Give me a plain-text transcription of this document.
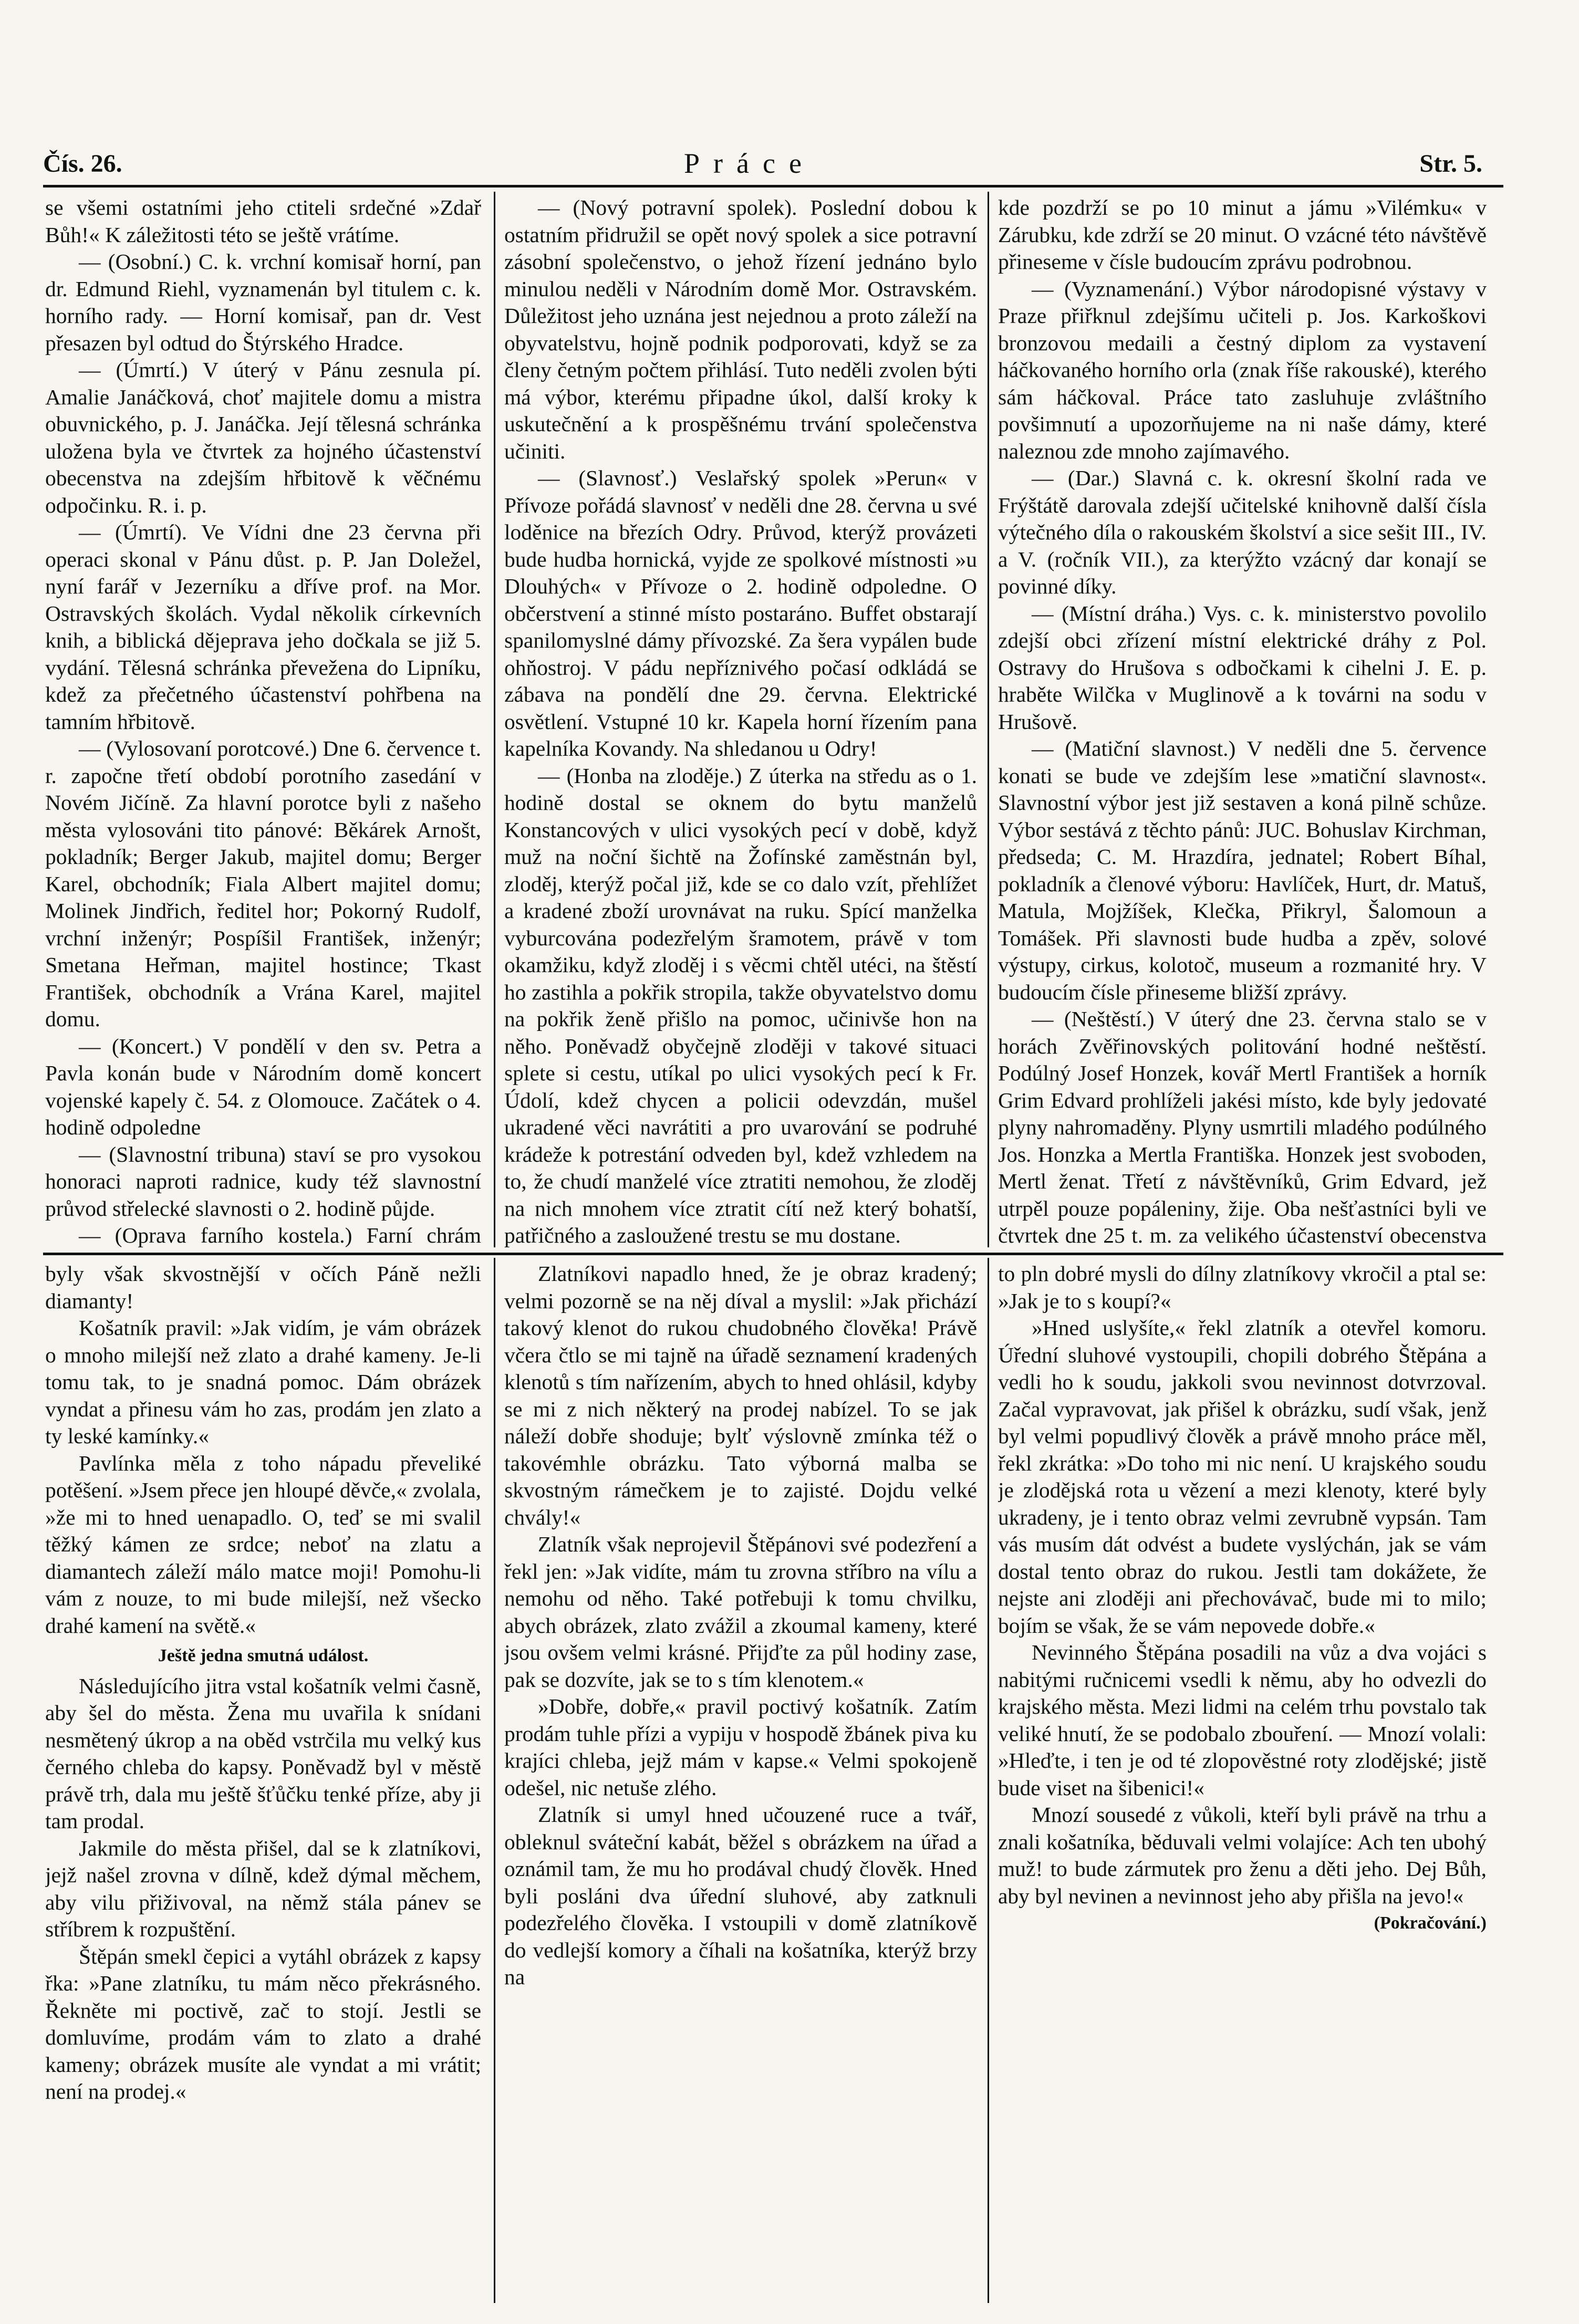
Čís. 26.	Práce	Str. 5.

se všemi ostatními jeho ctiteli srdečné »Zdař Bůh!« K záležitosti této se ještě vrátíme.

— (Osobní.) C. k. vrchní komisař horní, pan dr. Edmund Riehl, vyznamenán byl titulem c. k. horního rady. — Horní komisař, pan dr. Vest přesazen byl odtud do Štýrského Hradce.

— (Úmrtí.) V úterý v Pánu zesnula pí. Amalie Janáčková, choť majitele domu a mistra obuvnického, p. J. Janáčka. Její tělesná schránka uložena byla ve čtvrtek za hojného účastenství obecenstva na zdejším hřbitově k věčnému odpočinku. R. i. p.

— (Úmrtí). Ve Vídni dne 23 června při operaci skonal v Pánu důst. p. P. Jan Doležel, nyní farář v Jezerníku a dříve prof. na Mor. Ostravských školách. Vydal několik církevních knih, a biblická dějeprava jeho dočkala se již 5. vydání. Tělesná schránka převežena do Lipníku, kdež za přečetného účastenství pohřbena na tamním hřbitově.

— (Vylosovaní porotcové.) Dne 6. července t. r. započne třetí období porotního zasedání v Novém Jičíně. Za hlavní porotce byli z našeho města vylosováni tito pánové: Běkárek Arnošt, pokladník; Berger Jakub, majitel domu; Berger Karel, obchodník; Fiala Albert majitel domu; Molinek Jindřich, ředitel hor; Pokorný Rudolf, vrchní inženýr; Pospíšil František, inženýr; Smetana Heřman, majitel hostince; Tkast František, obchodník a Vrána Karel, majitel domu.

— (Koncert.) V pondělí v den sv. Petra a Pavla konán bude v Národním domě koncert vojenské kapely č. 54. z Olomouce. Začátek o 4. hodině odpoledne

— (Slavnostní tribuna) staví se pro vysokou honoraci naproti radnice, kudy též slavnostní průvod střelecké slavnosti o 2. hodině půjde.

— (Oprava farního kostela.) Farní chrám

— (Nový potravní spolek). Poslední dobou k ostatním přidružil se opět nový spolek a sice potravní zásobní společenstvo, o jehož řízení jednáno bylo minulou neděli v Národním domě Mor. Ostravském. Důležitost jeho uznána jest nejednou a proto záleží na obyvatelstvu, hojně podnik podporovati, když se za členy četným počtem přihlásí. Tuto neděli zvolen býti má výbor, kterému připadne úkol, další kroky k uskutečnění a k prospěšnému trvání společenstva učiniti.

— (Slavnosť.) Veslařský spolek »Perun« v Přívoze pořádá slavnosť v neděli dne 28. června u své loděnice na březích Odry. Průvod, kterýž provázeti bude hudba hornická, vyjde ze spolkové místnosti »u Dlouhých« v Přívoze o 2. hodině odpoledne. O občerstvení a stinné místo postaráno. Buffet obstarají spanilomyslné dámy přívozské. Za šera vypálen bude ohňostroj. V pádu nepříznivého počasí odkládá se zábava na pondělí dne 29. června. Elektrické osvětlení. Vstupné 10 kr. Kapela horní řízením pana kapelníka Kovandy. Na shledanou u Odry!

— (Honba na zloděje.) Z úterka na středu as o 1. hodině dostal se oknem do bytu manželů Konstancových v ulici vysokých pecí v době, když muž na noční šichtě na Žofínské zaměstnán byl, zloděj, kterýž počal již, kde se co dalo vzít, přehlížet a kradené zboží urovnávat na ruku. Spící manželka vyburcována podezřelým šramotem, právě v tom okamžiku, když zloděj i s věcmi chtěl utéci, na štěstí ho zastihla a pokřik stropila, takže obyvatelstvo domu na pokřik ženě přišlo na pomoc, učinivše hon na něho. Poněvadž obyčejně zloději v takové situaci splete si cestu, utíkal po ulici vysokých pecí k Fr. Údolí, kdež chycen a policii odevzdán, mušel ukradené věci navrátiti a pro uvarování se podruhé krádeže k potrestání odveden byl, kdež vzhledem na to, že chudí manželé více ztratiti nemohou, že zloděj na nich mnohem více ztratit cítí než který bohatší, patřičného a zasloužené trestu se mu dostane.

kde pozdrží se po 10 minut a jámu »Vilémku« v Zárubku, kde zdrží se 20 minut. O vzácné této návštěvě přineseme v čísle budoucím zprávu podrobnou.

— (Vyznamenání.) Výbor národopisné výstavy v Praze přiřknul zdejšímu učiteli p. Jos. Karkoškovi bronzovou medaili a čestný diplom za vystavení háčkovaného horního orla (znak říše rakouské), kterého sám háčkoval. Práce tato zasluhuje zvláštního povšimnutí a upozorňujeme na ni naše dámy, které naleznou zde mnoho zajímavého.

— (Dar.) Slavná c. k. okresní školní rada ve Frýštátě darovala zdejší učitelské knihovně další čísla výtečného díla o rakouském školství a sice sešit III., IV. a V. (ročník VII.), za kterýžto vzácný dar konají se povinné díky.

— (Místní dráha.) Vys. c. k. ministerstvo povolilo zdejší obci zřízení místní elektrické dráhy z Pol. Ostravy do Hrušova s odbočkami k cihelni J. E. p. hraběte Wilčka v Muglinově a k továrni na sodu v Hrušově.

— (Matiční slavnost.) V neděli dne 5. července konati se bude ve zdejším lese »matiční slavnost«. Slavnostní výbor jest již sestaven a koná pilně schůze. Výbor sestává z těchto pánů: JUC. Bohuslav Kirchman, předseda; C. M. Hrazdíra, jednatel; Robert Bíhal, pokladník a členové výboru: Havlíček, Hurt, dr. Matuš, Matula, Mojžíšek, Klečka, Přikryl, Šalomoun a Tomášek. Při slavnosti bude hudba a zpěv, solové výstupy, cirkus, kolotoč, museum a rozmanité hry. V budoucím čísle přineseme bližší zprávy.

— (Neštěstí.) V úterý dne 23. června stalo se v horách Zvěřinovských politování hodné neštěstí. Podúlný Josef Honzek, kovář Mertl František a horník Grim Edvard prohlíželi jakési místo, kde byly jedovaté plyny nahromaděny. Plyny usmrtili mladého podúlného Jos. Honzka a Mertla Františka. Honzek jest svoboden, Mertl ženat. Třetí z návštěvníků, Grim Edvard, jež utrpěl pouze popáleniny, žije. Oba nešťastníci byli ve čtvrtek dne 25 t. m. za velikého účastenství obecenstva

byly však skvostnější v očích Páně nežli diamanty!

Košatník pravil: »Jak vidím, je vám obrázek o mnoho milejší než zlato a drahé kameny. Je-li tomu tak, to je snadná pomoc. Dám obrázek vyndat a přinesu vám ho zas, prodám jen zlato a ty leské kamínky.«

Pavlínka měla z toho nápadu převeliké potěšení. »Jsem přece jen hloupé děvče,« zvolala, »že mi to hned uenapadlo. O, teď se mi svalil těžký kámen ze srdce; neboť na zlatu a diamantech záleží málo matce moji! Pomohu-li vám z nouze, to mi bude milejší, než všecko drahé kamení na světě.«

Ještě jedna smutná událost.

Následujícího jitra vstal košatník velmi časně, aby šel do města. Žena mu uvařila k snídani nesmětený úkrop a na oběd vstrčila mu velký kus černého chleba do kapsy. Poněvadž byl v městě právě trh, dala mu ještě šťůčku tenké příze, aby ji tam prodal.

Jakmile do města přišel, dal se k zlatníkovi, jejž našel zrovna v dílně, kdež dýmal měchem, aby vilu přiživoval, na němž stála pánev se stříbrem k rozpuštění.

Štěpán smekl čepici a vytáhl obrázek z kapsy řka: »Pane zlatníku, tu mám něco překrásného. Řekněte mi poctivě, zač to stojí. Jestli se domluvíme, prodám vám to zlato a drahé kameny; obrázek musíte ale vyndat a mi vrátit; není na prodej.«

Zlatníkovi napadlo hned, že je obraz kradený; velmi pozorně se na něj díval a myslil: »Jak přichází takový klenot do rukou chudobného člověka! Právě včera čtlo se mi tajně na úřadě seznamení kradených klenotů s tím nařízením, abych to hned ohlásil, kdyby se mi z nich některý na prodej nabízel. To se jak náleží dobře shoduje; bylť výslovně zmínka též o takovémhle obrázku. Tato výborná malba se skvostným rámečkem je to zajisté. Dojdu velké chvály!«

Zlatník však neprojevil Štěpánovi své podezření a řekl jen: »Jak vidíte, mám tu zrovna stříbro na vílu a nemohu od něho. Také potřebuji k tomu chvilku, abych obrázek, zlato zvážil a zkoumal kameny, které jsou ovšem velmi krásné. Přijďte za půl hodiny zase, pak se dozvíte, jak se to s tím klenotem.«

»Dobře, dobře,« pravil poctivý košatník. Zatím prodám tuhle přízi a vypiju v hospodě žbánek piva ku krajíci chleba, jejž mám v kapse.« Velmi spokojeně odešel, nic netuše zlého.

Zlatník si umyl hned učouzené ruce a tvář, obleknul sváteční kabát, běžel s obrázkem na úřad a oznámil tam, že mu ho prodával chudý člověk. Hned byli posláni dva úřední sluhové, aby zatknuli podezřelého člověka. I vstoupili v domě zlatníkově do vedlejší komory a číhali na košatníka, kterýž brzy na

to pln dobré mysli do dílny zlatníkovy vkročil a ptal se: »Jak je to s koupí?«

»Hned uslyšíte,« řekl zlatník a otevřel komoru. Úřední sluhové vystoupili, chopili dobrého Štěpána a vedli ho k soudu, jakkoli svou nevinnost dotvrzoval. Začal vypravovat, jak přišel k obrázku, sudí však, jenž byl velmi popudlivý člověk a právě mnoho práce měl, řekl zkrátka: »Do toho mi nic není. U krajského soudu je zlodějská rota u vězení a mezi klenoty, které byly ukradeny, je i tento obraz velmi zevrubně vypsán. Tam vás musím dát odvést a budete vyslýchán, jak se vám dostal tento obraz do rukou. Jestli tam dokážete, že nejste ani zloději ani přechovávač, bude mi to milo; bojím se však, že se vám nepovede dobře.«

Nevinného Štěpána posadili na vůz a dva vojáci s nabitými ručnicemi vsedli k němu, aby ho odvezli do krajského města. Mezi lidmi na celém trhu povstalo tak veliké hnutí, že se podobalo zbouření. — Mnozí volali: »Hleďte, i ten je od té zlopověstné roty zlodějské; jistě bude viset na šibenici!«

Mnozí sousedé z vůkoli, kteří byli právě na trhu a znali košatníka, běduvali velmi volajíce: Ach ten ubohý muž! to bude zármutek pro ženu a děti jeho. Dej Bůh, aby byl nevinen a nevinnost jeho aby přišla na jevo!«

(Pokračování.)
